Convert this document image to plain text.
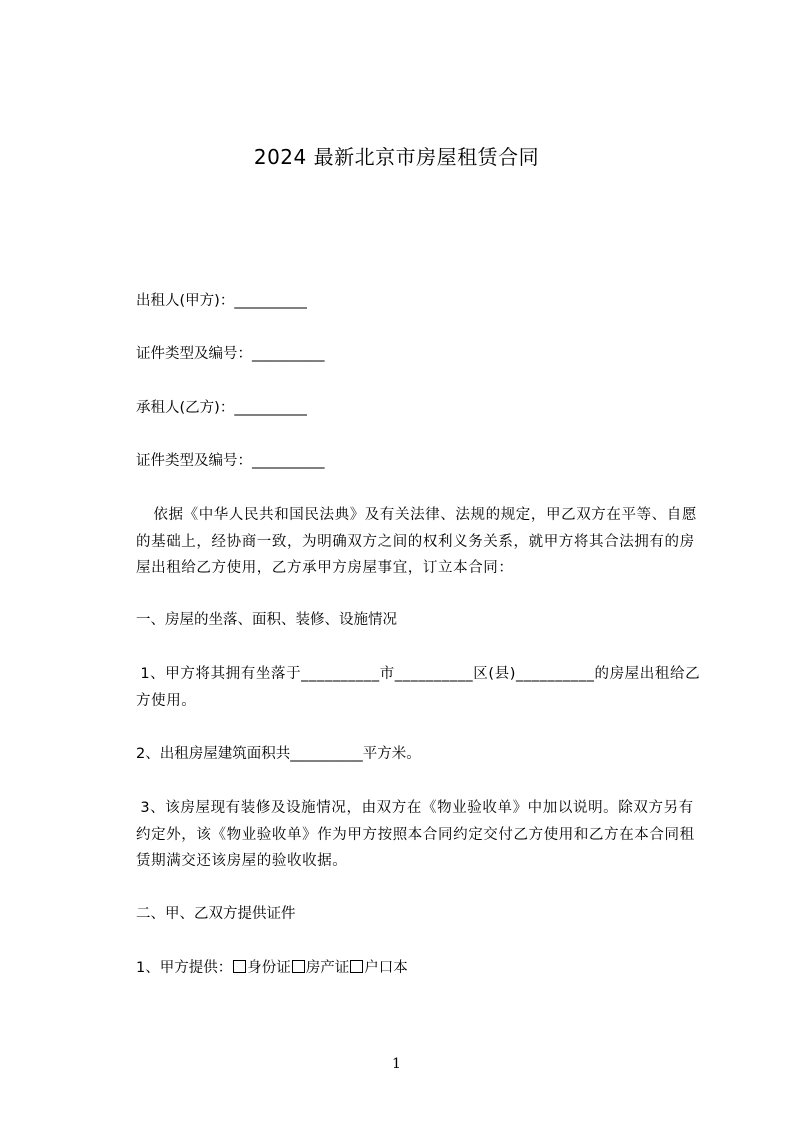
2024 最新北京市房屋租赁合同
出租人(甲方)：__________
证件类型及编号：__________
承租人(乙方)：__________
证件类型及编号：__________
依据《中华人民共和国民法典》及有关法律、法规的规定，甲乙双方在平等、自愿的基础上，经协商一致，为明确双方之间的权利义务关系，就甲方将其合法拥有的房屋出租给乙方使用，乙方承甲方房屋事宜，订立本合同：
一、房屋的坐落、面积、装修、设施情况
1、甲方将其拥有坐落于__________市__________区(县)__________的房屋出租给乙方使用。
2、出租房屋建筑面积共__________平方米。
3、该房屋现有装修及设施情况，由双方在《物业验收单》中加以说明。除双方另有约定外，该《物业验收单》作为甲方按照本合同约定交付乙方使用和乙方在本合同租赁期满交还该房屋的验收收据。
二、甲、乙双方提供证件
1、甲方提供： 身份证 房产证 户口本
1
